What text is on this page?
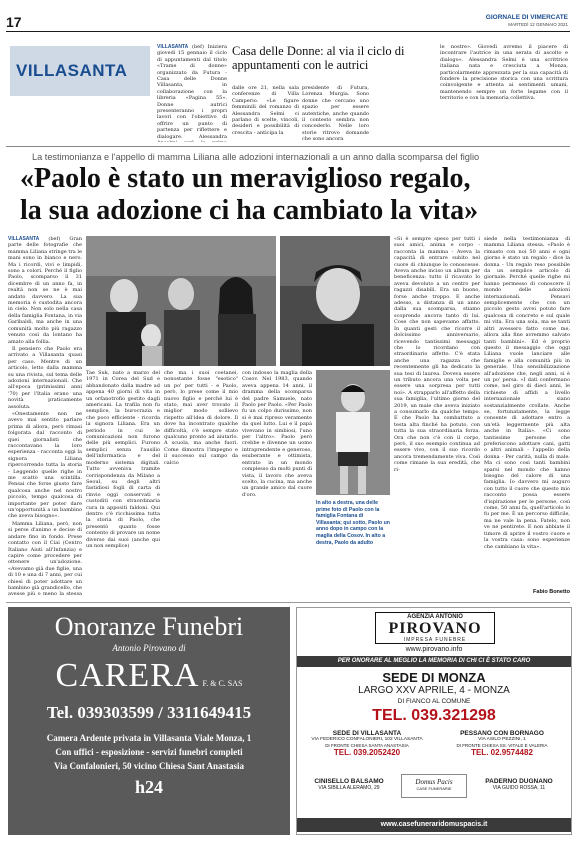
17	GIORNALE DI VIMERCATE
MARTEDÌ 12 GENNAIO 2021
VILLASANTA

VILLASANTA (bef) Iniziera giovedi 15 gennaio il ciclo di appuntamenti dal titolo «Trame di donne» organizzato da Futura - Casa delle Donne Villasanta, in collaborazione con la libreria «Pagina 55». Donne autrici presenteranno i propri lavori con l'obiettivo di offrire un punto di partenza per riflettere e dialogare. Alessandra

Casa delle Donne: al via il ciclo di appuntamenti con le autrici
dalle ore 21, nella sala conferenze di Villa Camperio. «Le figure femminili del romanzo di Alessandra Selmi ci parlano di scelte, vincoli, desideri e possibilità di crescita - anticipa la
presidente di Futura, Lorenza Murgia. Sono donne che cercano uno spazio per essere autentiche, anche quando il contesto sembra non concederlo. Nelle loro storie ritrovo domande che sono ancora
le nostre». Giovedì avremo il piacere di incontrare l'autrice in una serata di ascolto e dialogo». Alessandra Selmi è una scrittrice italiana nata e cresciuta a Monza, particolarmente apprezzata per la sua capacità di fondere la precisione storica con una scrittura coinvolgente e attenta ai sentimenti umani, mantenendo sempre un forte legame con il territorio e con la memoria collettiva.
La testimonianza e l'appello di mamma Liliana alle adozioni internazionali a un anno dalla scomparsa del figlio
«Paolo è stato un meraviglioso regalo,
la sua adozione ci ha cambiato la vita»

VILLASANTA (bef) Gran parte delle fotografie che mamma Liliana stringe tra le mani sono in bianco e nero. Ma i ricordi, vivi e limpidi, sono a colori. Perché il figlio Paolo, scomparso il 31 dicembre di un anno fa, in realtà non se ne è mai andato davvero. La sua memoria è custodita ancora in cielo. Non solo nella casa della famiglia Fontana, in via Garibaldi, ma anche in una comunità molto più ragazzo venuto così da lontano ha amato alla follia.

Il pensiero che Paolo era arrivato a Villasanta quasi per caso. Mentre di un articolo, letto dalla mamma su una rivista, sul tema delle adozioni internazionali. Che all'epoca (primissimi anni '70) per l'Italia erano una novità praticamente assoluta.

«Onestamente non ne avevo mai sentito parlare prima di allora, però rimasi folgorata dal racconto di quei giornalisti che raccontavano la loro esperienza - racconta oggi la signora Liliana ripercorrendo tutta la storia - Leggendo quelle righe in me scattò una scintilla. Pensai che forse giusto fare qualcosa anche nel nostro piccolo, tempo qualcosa di importante per poter dare un'opportunità a un bambino che aveva bisogno».

Mamma Liliana, però, non si perse d'animo e decise di andare fino in fondo. Prese contatto con il Ciai (Centro Italiano Aiuti all'Infanzia) e capire come procedere per ottenere un'adozione. «Avevamo già due figlie, una di 10 e una di 7 anni, per cui chiesi di poter adottare un bambino già grandicello, che avesse più o meno la stessa

Tae Suk, nato a marzo del 1971 in Corea del Sud e abbandonato dalla madre ad appena 40 giorni di vita in un orfanotrofio gestito dagli americani. La trafila non fu semplice, la burocrazia e che poco efficiente - ricorda la signora Liliana. Era un periodo in cui le comunicazioni non furono delle più semplici. Furono semplici senza l'ausilio dell'informatica e del moderno sistema digitali. Tutto avveniva tramite corrispondenza da Milano a Seoul, su degli altri fastidiosi fogli di carta di rinvio oggi conservati e custoditi con straordinaria cura in appositi faldoni. Qui dentro c'è ricchissima tutta la storia di Paolo, che presentò quanto fosse contento di provare un nome diverso dai suoi (anche qui un non semplice)
che ma i suoi coetanei, nonostante fosse "esotico" un po' per tutti - e Paolo, però, lo prese come il mio nuovo figlio e perché lui è stato, mai aver trovato il miglior modo sollievo rispetto all'idea di dolore. Il dove ha incontrato qualche difficoltà, c'è sempre stato qualcuno pronto ad aiutarlo. A scuola, ma anche fuori. Come dimostra l'impegno e il successo sul campo da calcio
con indosso la maglia della Cosov. Nel 1983, quando aveva appena 14 anni, il dramma della scomparsa del padre Samuele, nato Paolo per Paolo. «Per Paolo fu un colpo durissimo, non si è mai ripreso veramente da quel lutto. Lui e il papà vivevano in simbiosi, l'uno per l'altro». Paolo però crebbe e divenne un uomo intraprendente e generoso, esuberante e ottimista, entrato in un mondo complesso da molti punti di vista, il lavoro che aveva scelto, la cucina, ma anche un grande amico dal cuore d'oro.
In alto a destra, una delle prime foto di Paolo con la famiglia Fontana di Villasanta; qui sotto, Paolo un anno dopo in campo con la maglia della Cosov. In alto a destra, Paolo da adulto
«Si è sempre speso per tutti i suoi amici, anima e corpo - racconta la mamma - Aveva la capacità di entrare subito nel cuore di chiunque lo conoscesse. Aveva anche inciso un album per beneficenza: tutto il ricavato lo aveva devoluto a un centro per ragazzi disabili. Era un buono, forse anche troppo. E anche adesso, a distanza di un anno dalla sua scomparsa, stiamo scoprendo ancora tanto di lui. Cose che non sapevamo affatto. In quanti gesti che ricorre il dolcissimo anniversario, ricevendo tantissimi messaggi che lo ricordano con straordinario affetto. C'è stata anche una ragazza che recentemente gli ha dedicato la sua tesi di laurea. Doveva essere un tributo ancora una volta per essere una sorpresa per tutti noi». A strapparlo all'affetto della sua famiglia, l'ultimo giorno del 2019, un male che aveva iniziato a consumarlo da qualche tempo. E che Paolo ha combattuto a testa alta finché ha potuto, con tutta la sua straordinaria forza. Ora che non c'è con il corpo, però, il suo esempio continua ad essere vivo, con il suo ricordo ancora tremendamente viva. Così come rimane la sua eredità, che ri-
siede nella testimonianza di mamma Liliana stessa. «Paolo è rimasto con noi 50 anni e ogni giorno è stato un regalo - dice la donna - Un regalo reso possibile da un semplice articolo di giornale. Perché quelle righe mi hanno permesso di conoscere il mondo delle adozioni internazionali. Pensavi semplicemente che con un piccolo gesto avrei potuto fare qualcosa di concreto e sul quale mi vita. Era una sola, ma se tanti altri avessero fatto come me, allora alla fine avremmo salvato tanti bambini». Ed è proprio questo il messaggio che oggi Liliana vuole lanciare alle famiglie e alla comunità più in generale. Una sensibilizzazione all'adozione che, negli anni, si è un po' persa. «I dati confermano come, nel giro di dieci anni, le richieste di affidi a livello internazionale siano sostanzialmente crollate. Anche se, fortunatamente, la legge consente di adottare entro a un'età leggermente più alta anche in Italia». «Ci sono tantissime persone che preferiscono adottare cani, gatti o altri animali - l'appello della donna - Per carità, nulla di male. Ma ci sono così tanti bambini sparsi nel mondo che hanno bisogno del calore di una famiglia. Io davvero mi auguro con tutto il cuore che questo mio racconto possa essere d'ispirazione per le persone, così come, 50 anni fa, quell'articolo lo fu per me. È un percorso difficile, ma ne vale la pena. Fatelo, non ve ne pentirete. E non abbiate il timore di aprire il vostro cuore e la vostra casa: sono esperienze che cambiano la vita».
Fabio Bonetto
Onoranze Funebri
Antonio Pirovano di
CARERA F. & C. SAS
Tel. 039303599 / 3311649415
Camera Ardente privata in Villasanta Viale Monza, 1
Con uffici - esposizione - servizi funebri completi
Via Confalonieri, 50 vicino Chiesa Sant Anastasia
h24
AGENZIA ANTONIO
PIROVANO
IMPRESA FUNEBRE
www.pirovano.info
PER ONORARE AL MEGLIO LA MEMORIA DI CHI CI È STATO CARO
SEDE DI MONZA
LARGO XXV APRILE, 4 - MONZA
DI FIANCO AL COMUNE
TEL. 039.321298
SEDE DI VILLASANTA
VIA FEDERICO CONFALONIERI, 102 VILLASANTA
DI FRONTE CHIESA SANTA ANASTASIA
TEL. 039.2052420
PESSANO CON BORNAGO
VIA ASILO PEZZINI, 1
DI FRONTE CHIESA SS. VITALE E VALERIA
TEL. 02.9574482
CINISELLO BALSAMO
VIA SIBILLA ALERAMO, 29
Domus Pacis
CASE FUNERARIE
PADERNO DUGNANO
VIA GUIDO ROSSA, 11
www.casefuneraridomuspacis.it
